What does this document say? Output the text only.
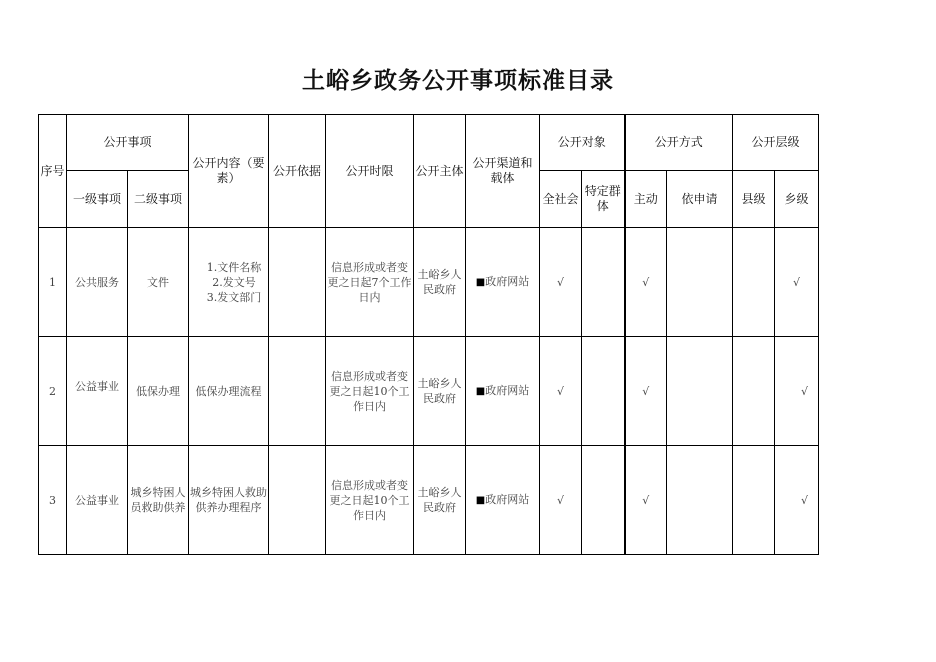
土峪乡政务公开事项标准目录
序号	公开事项		公开内容（要素）	公开依据	公开时限	公开主体	公开渠道和载体	公开对象		公开方式		公开层级	
	一级事项	二级事项						全社会	特定群体	主动	依申请	县级	乡级
1	公共服务	文件	　1.文件名称
　2.发文号
　3.发文部门		信息形成或者变更之日起7个工作日内	土峪乡人民政府	■政府网站	√		√			√
2	公益事业	低保办理	低保办理流程		信息形成或者变更之日起10个工作日内	土峪乡人民政府	■政府网站	√		√			√
3	公益事业	城乡特困人员救助供养	城乡特困人救助供养办理程序		信息形成或者变更之日起10个工作日内	土峪乡人民政府	■政府网站	√		√			√
